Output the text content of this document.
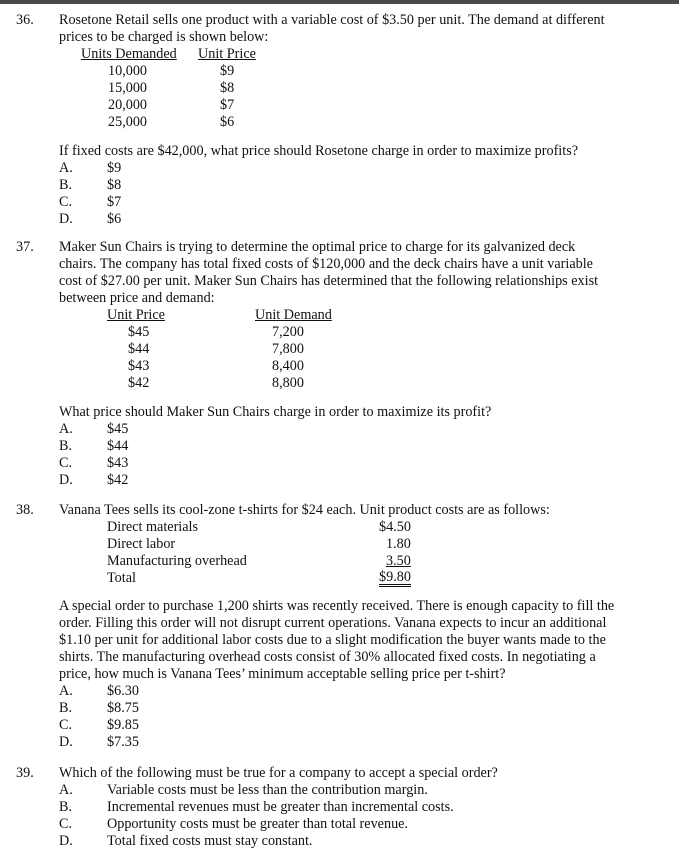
36. Rosetone Retail sells one product with a variable cost of $3.50 per unit. The demand at different
prices to be charged is shown below:
Units Demanded Unit Price
10,000	$9
15,000	$8
20,000	$7
25,000	$6
If fixed costs are $42,000, what price should Rosetone charge in order to maximize profits?
A. $9
B. $8
C. $7
D. $6
37. Maker Sun Chairs is trying to determine the optimal price to charge for its galvanized deck
chairs. The company has total fixed costs of $120,000 and the deck chairs have a unit variable
cost of $27.00 per unit. Maker Sun Chairs has determined that the following relationships exist
between price and demand:
Unit Price	Unit Demand
$45	7,200
$44	7,800
$43	8,400
$42	8,800
What price should Maker Sun Chairs charge in order to maximize its profit?
A. $45
B. $44
C. $43
D. $42
38. Vanana Tees sells its cool-zone t-shirts for $24 each. Unit product costs are as follows:
Direct materials	$4.50
Direct labor	1.80
Manufacturing overhead	3.50
Total	$9.80
A special order to purchase 1,200 shirts was recently received. There is enough capacity to fill the
order. Filling this order will not disrupt current operations. Vanana expects to incur an additional
$1.10 per unit for additional labor costs due to a slight modification the buyer wants made to the
shirts. The manufacturing overhead costs consist of 30% allocated fixed costs. In negotiating a
price, how much is Vanana Tees’ minimum acceptable selling price per t-shirt?
A. $6.30
B. $8.75
C. $9.85
D. $7.35
39. Which of the following must be true for a company to accept a special order?
A. Variable costs must be less than the contribution margin.
B. Incremental revenues must be greater than incremental costs.
C. Opportunity costs must be greater than total revenue.
D. Total fixed costs must stay constant.
